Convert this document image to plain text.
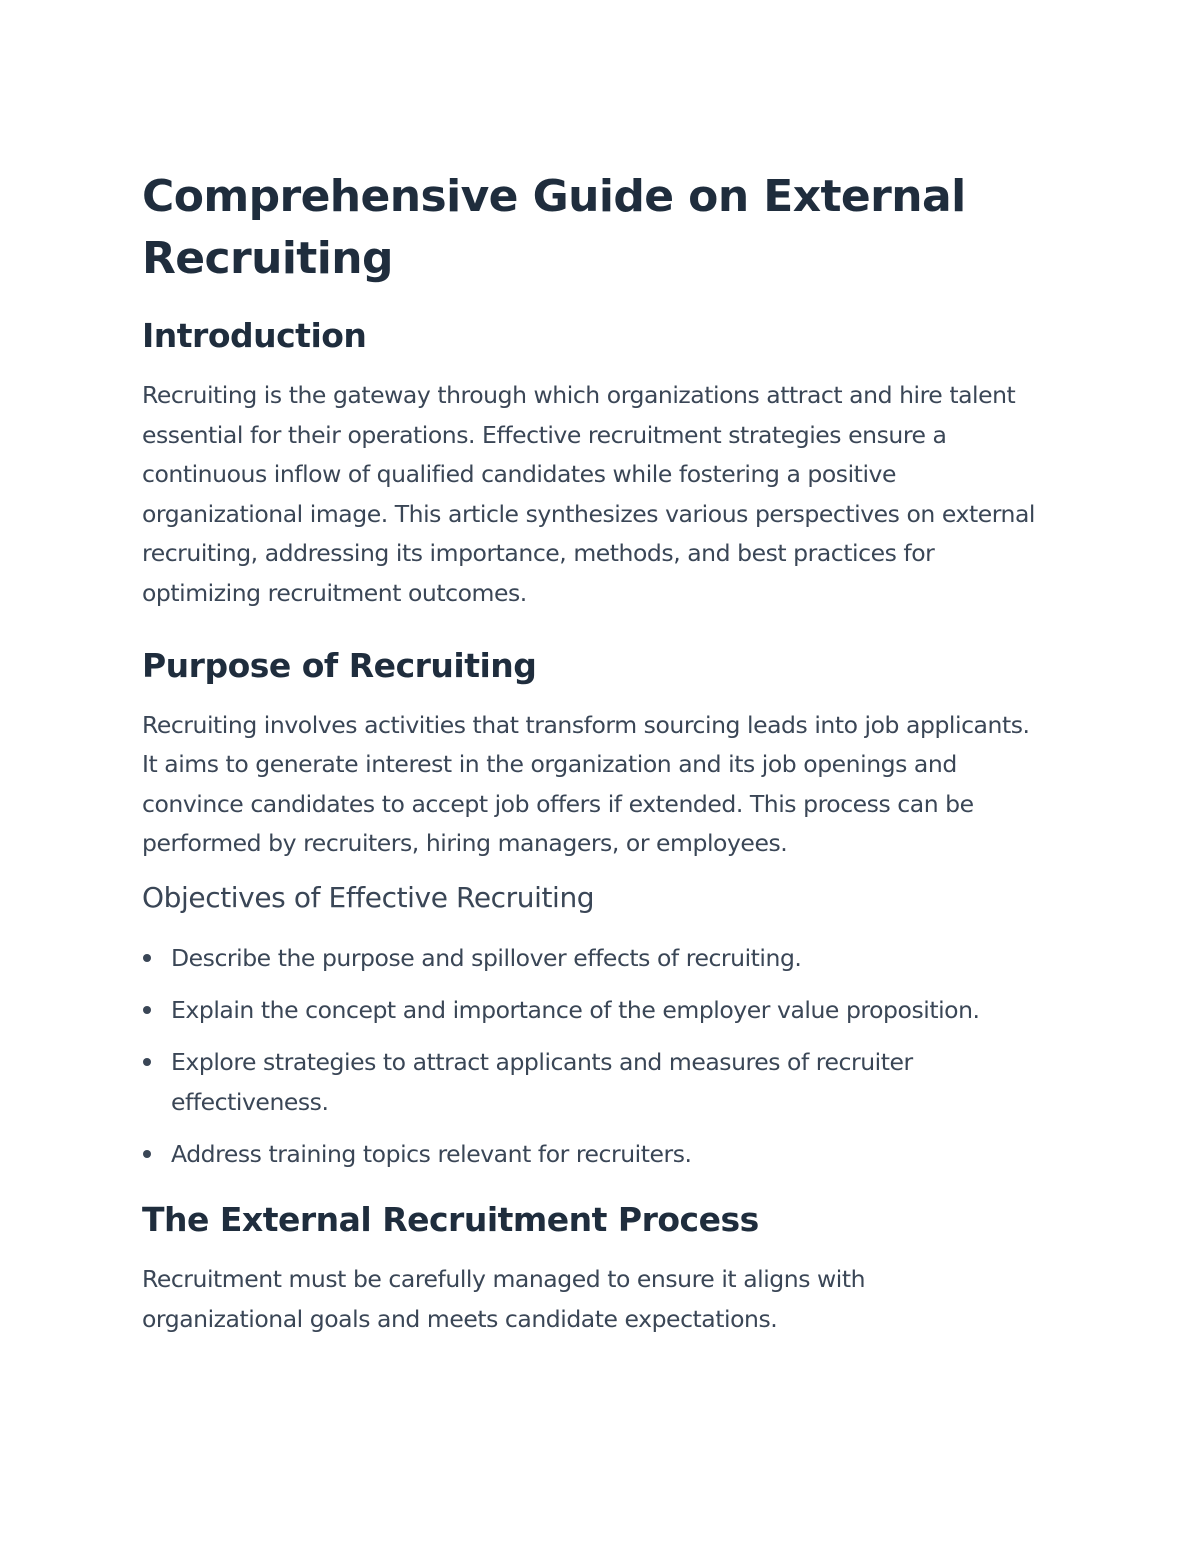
Comprehensive Guide on External Recruiting
Introduction

Recruiting is the gateway through which organizations attract and hire talent essential for their operations. Effective recruitment strategies ensure a continuous inflow of qualified candidates while fostering a positive organizational image. This article synthesizes various perspectives on external recruiting, addressing its importance, methods, and best practices for optimizing recruitment outcomes.

Purpose of Recruiting

Recruiting involves activities that transform sourcing leads into job applicants. It aims to generate interest in the organization and its job openings and convince candidates to accept job offers if extended. This process can be performed by recruiters, hiring managers, or employees.

Objectives of Effective Recruiting
Describe the purpose and spillover effects of recruiting.
Explain the concept and importance of the employer value proposition.
Explore strategies to attract applicants and measures of recruiter effectiveness.
Address training topics relevant for recruiters.
The External Recruitment Process

Recruitment must be carefully managed to ensure it aligns with organizational goals and meets candidate expectations.
